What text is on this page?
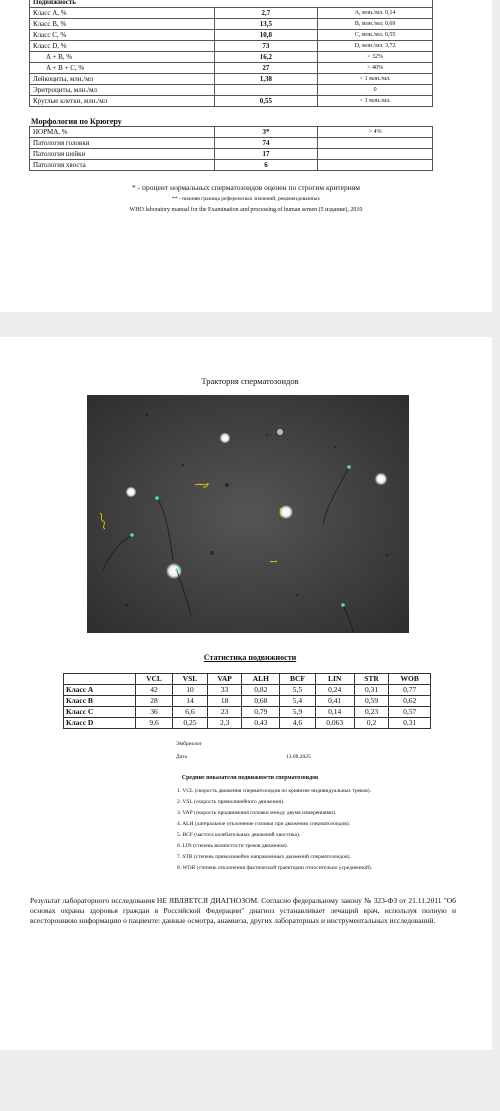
Подвижность		
Класс A, %	2,7	A, млн./мл. 0,14
Класс B, %	13,5	B, млн./мл. 0,69
Класс C, %	10,8	C, млн./мл. 0,55
Класс D, %	73	D, млн./мл. 3,72
A + B, %	16,2	> 32%
A + B + C, %	27	> 40%
Лейкоциты, млн./мл	1,38	< 1 млн./мл.
Эритроциты, млн./мл		0
Круглые клетки, млн./мл	0,55	< 1 млн./мл.
Морфология по Крюгеру
НОРМА, %	3*	> 4%
Патология головки	74	
Патология шейки	17	
Патология хвоста	6	
* - процент нормальных сперматозоидов оценен по строгим критериям
** - нижняя граница референсных значений, рекомендованных
WHO laboratory manual for the Examination and processing of human semen (5 издание), 2010
Трактория сперматозоидов
Статистика подвижности
	VCL	VSL	VAP	ALH	BCF	LIN	STR	WOB
Класс A	42	10	33	0,82	5,5	0,24	0,31	0,77
Класс B	28	14	18	0,68	5,4	0,41	0,59	0,62
Класс C	36	6,6	23	0,79	5,9	0,14	0,23	0,57
Класс D	9,6	0,25	2,3	0,43	4,6	0,063	0,2	0,31
Эмбриолог
Дата	13.08.2025
Средние показатели подвижности сперматозоидов
1. VCL (скорость движения сперматозоидов по кривизне индивидуальных треков).
2. VSL (скорость прямолинейного движения).
3. VAP (скорость продвижения головки между двумя измерениями).
4. ALH (латеральное отклонение головки при движении сперматозоидов).
5. BCF (частота колебательных движений хвостика).
6. LIN (степень волнистости треков движения).
7. STR (степень прямолинейно направленных движений сперматозоидов).
8. WOB (степень отклонения фактической траектории относительно усредненной).
Результат лабораторного исследования НЕ ЯВЛЯЕТСЯ ДИАГНОЗОМ. Согласно федеральному закону № 323-ФЗ от 21.11.2011 "Об основах охраны здоровья граждан в Российской Федерации" диагноз устанавливает лечащий врач, используя полную и всестороннюю информацию о пациенте: данные осмотра, анамнеза, других лабораторных и инструментальных исследований.
